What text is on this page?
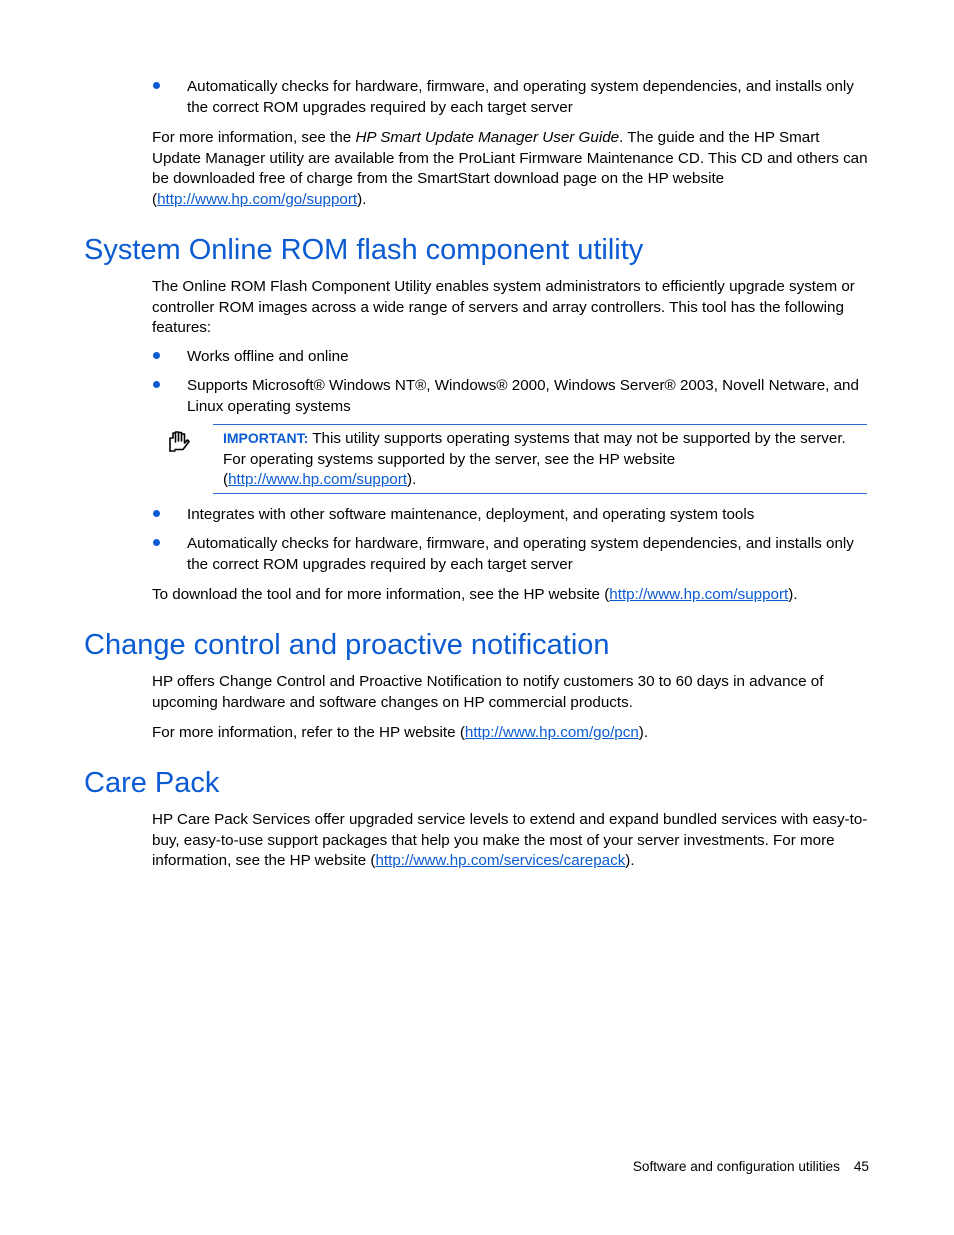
Automatically checks for hardware, firmware, and operating system dependencies, and installs only the correct ROM upgrades required by each target server

For more information, see the HP Smart Update Manager User Guide. The guide and the HP Smart Update Manager utility are available from the ProLiant Firmware Maintenance CD. This CD and others can be downloaded free of charge from the SmartStart download page on the HP website (http://www.hp.com/go/support).

System Online ROM flash component utility

The Online ROM Flash Component Utility enables system administrators to efficiently upgrade system or controller ROM images across a wide range of servers and array controllers. This tool has the following features:

Works offline and online
Supports Microsoft® Windows NT®, Windows® 2000, Windows Server® 2003, Novell Netware, and Linux operating systems

IMPORTANT: This utility supports operating systems that may not be supported by the server. For operating systems supported by the server, see the HP website (http://www.hp.com/support).

Integrates with other software maintenance, deployment, and operating system tools
Automatically checks for hardware, firmware, and operating system dependencies, and installs only the correct ROM upgrades required by each target server

To download the tool and for more information, see the HP website (http://www.hp.com/support).

Change control and proactive notification

HP offers Change Control and Proactive Notification to notify customers 30 to 60 days in advance of upcoming hardware and software changes on HP commercial products.

For more information, refer to the HP website (http://www.hp.com/go/pcn).

Care Pack

HP Care Pack Services offer upgraded service levels to extend and expand bundled services with easy-to-buy, easy-to-use support packages that help you make the most of your server investments. For more information, see the HP website (http://www.hp.com/services/carepack).

Software and configuration utilities 45
